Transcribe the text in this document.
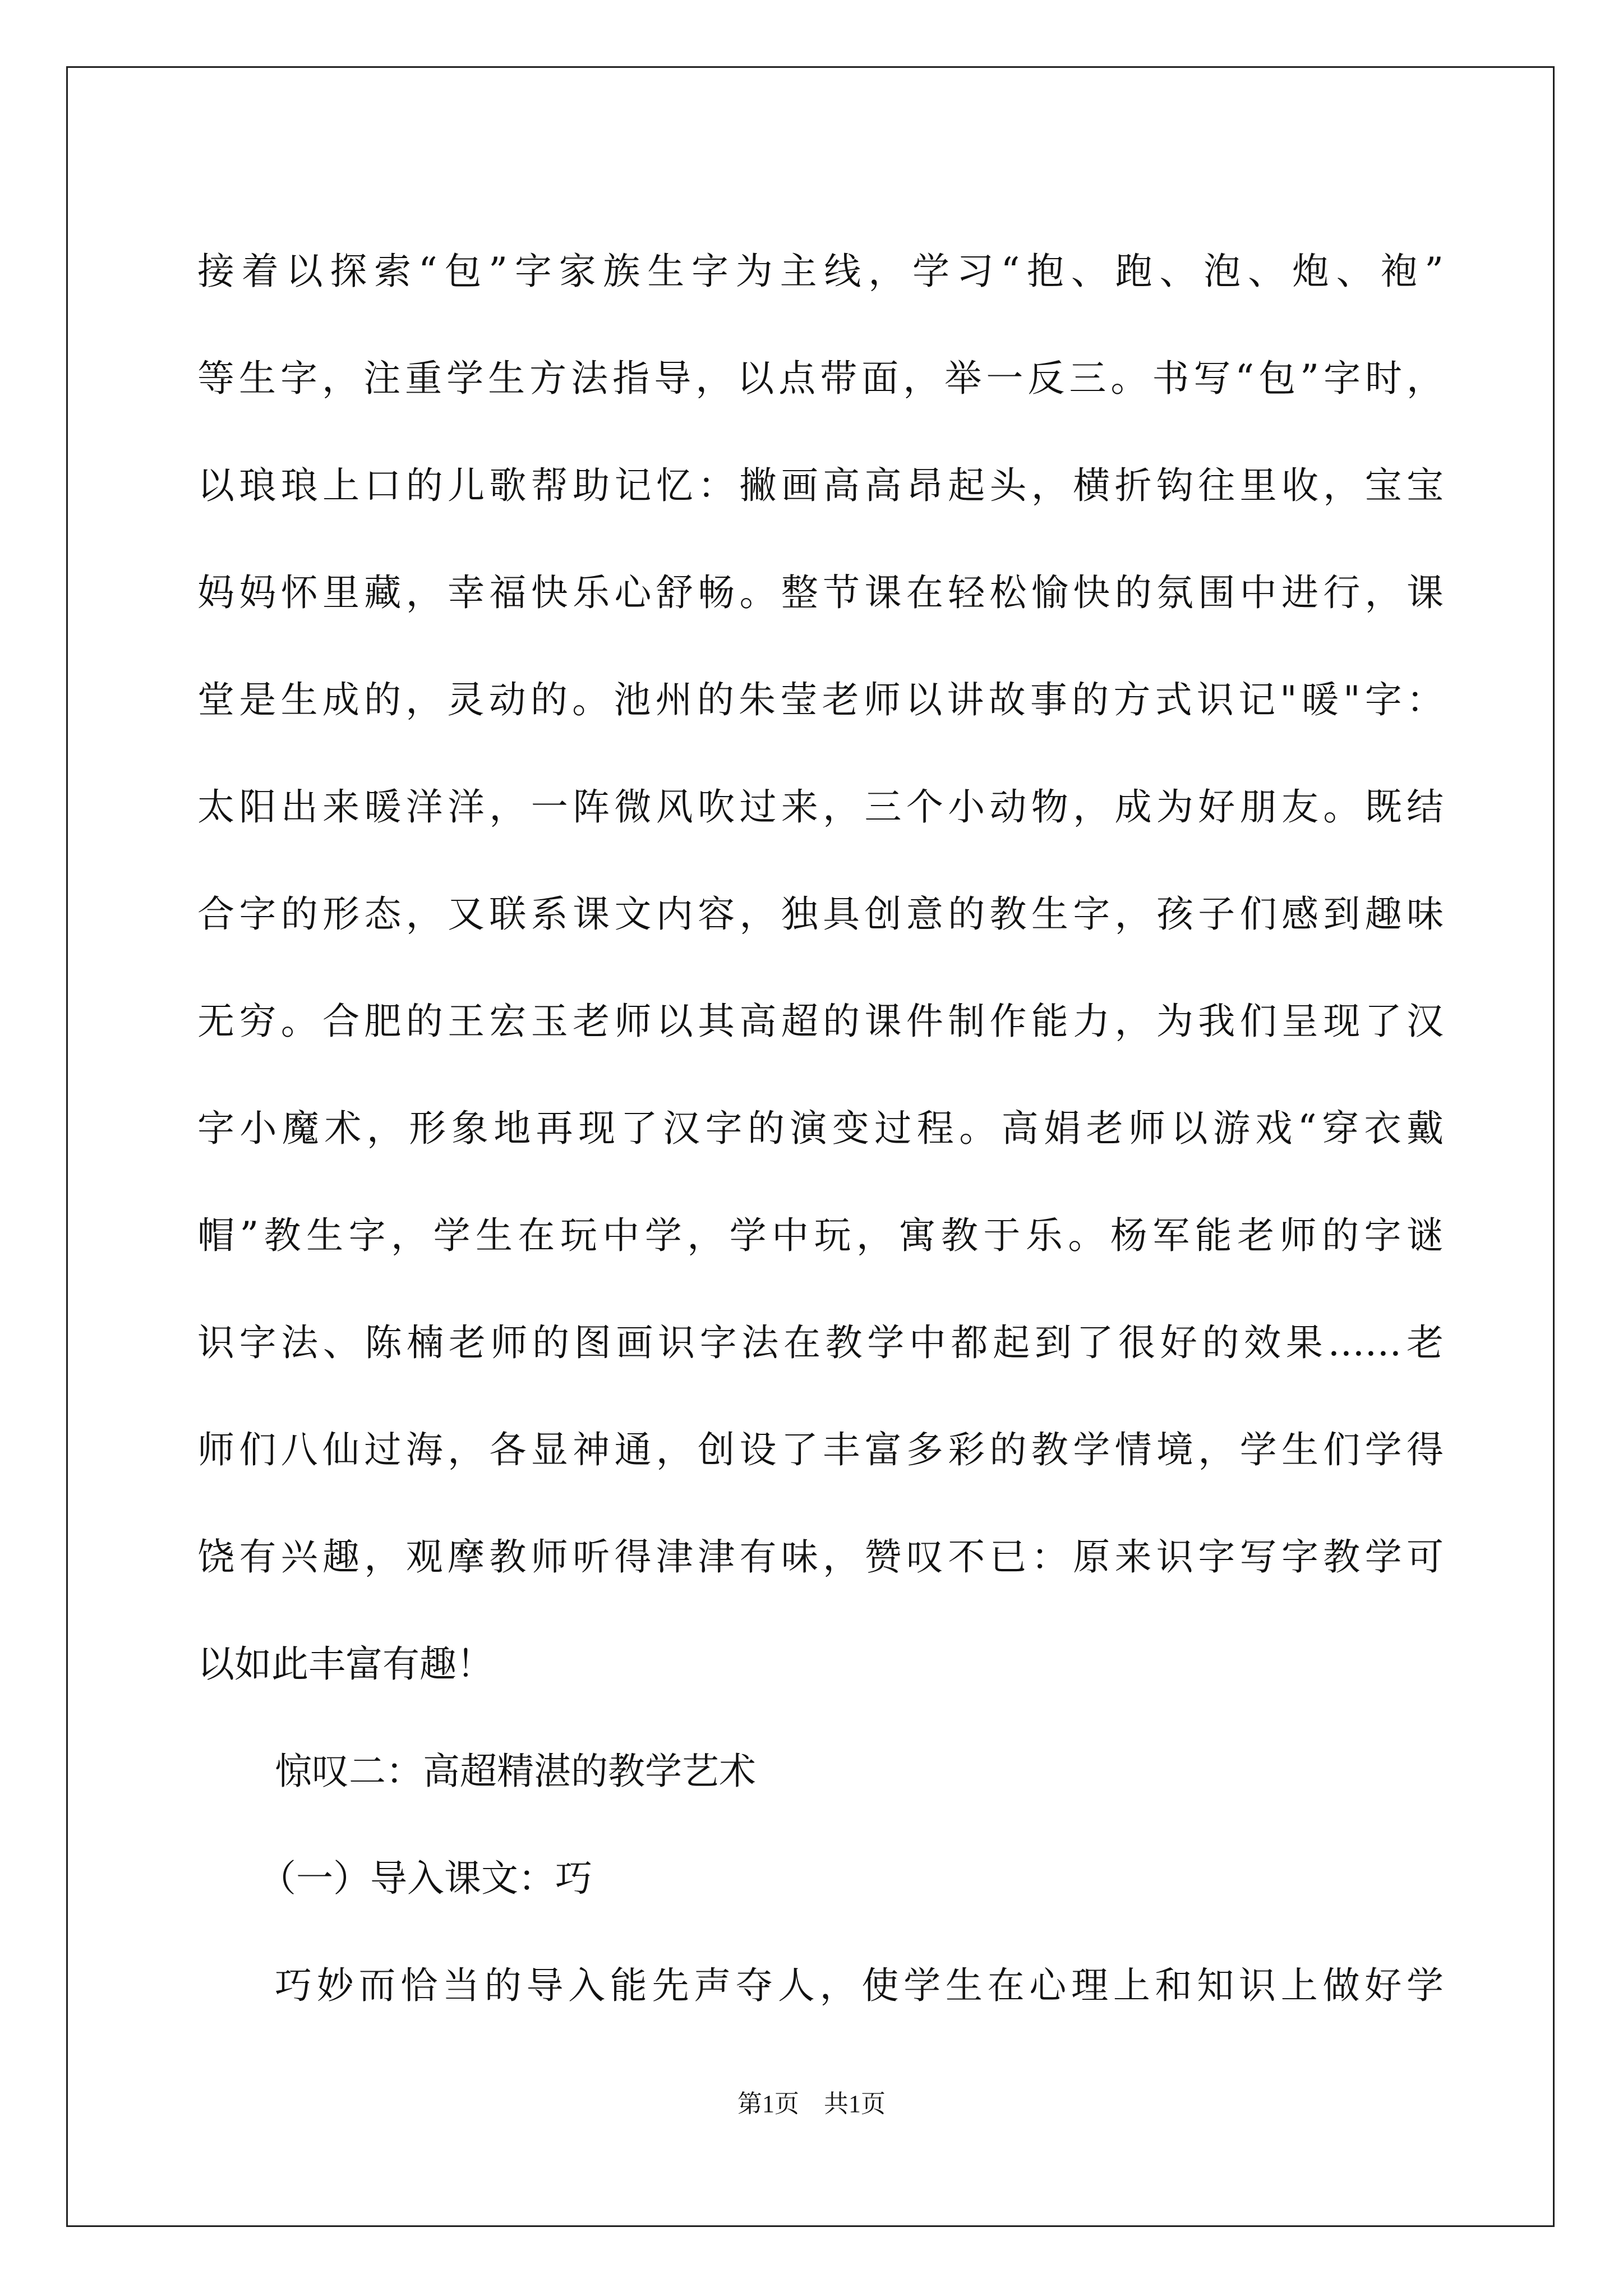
接着以探索“包”字家族生字为主线，学习“抱、跑、泡、炮、袍”
等生字，注重学生方法指导，以点带面，举一反三。书写“包”字时，
以琅琅上口的儿歌帮助记忆：撇画高高昂起头，横折钩往里收，宝宝
妈妈怀里藏，幸福快乐心舒畅。整节课在轻松愉快的氛围中进行，课
堂是生成的，灵动的。池州的朱莹老师以讲故事的方式识记"暖"字：
太阳出来暖洋洋，一阵微风吹过来，三个小动物，成为好朋友。既结
合字的形态，又联系课文内容，独具创意的教生字，孩子们感到趣味
无穷。合肥的王宏玉老师以其高超的课件制作能力，为我们呈现了汉
字小魔术，形象地再现了汉字的演变过程。高娟老师以游戏“穿衣戴
帽”教生字，学生在玩中学，学中玩，寓教于乐。杨军能老师的字谜
识字法、陈楠老师的图画识字法在教学中都起到了很好的效果……老
师们八仙过海，各显神通，创设了丰富多彩的教学情境，学生们学得
饶有兴趣，观摩教师听得津津有味，赞叹不已：原来识字写字教学可
以如此丰富有趣！
惊叹二：高超精湛的教学艺术
（一）导入课文：巧
巧妙而恰当的导入能先声夺人，使学生在心理上和知识上做好学
第1页　共1页
